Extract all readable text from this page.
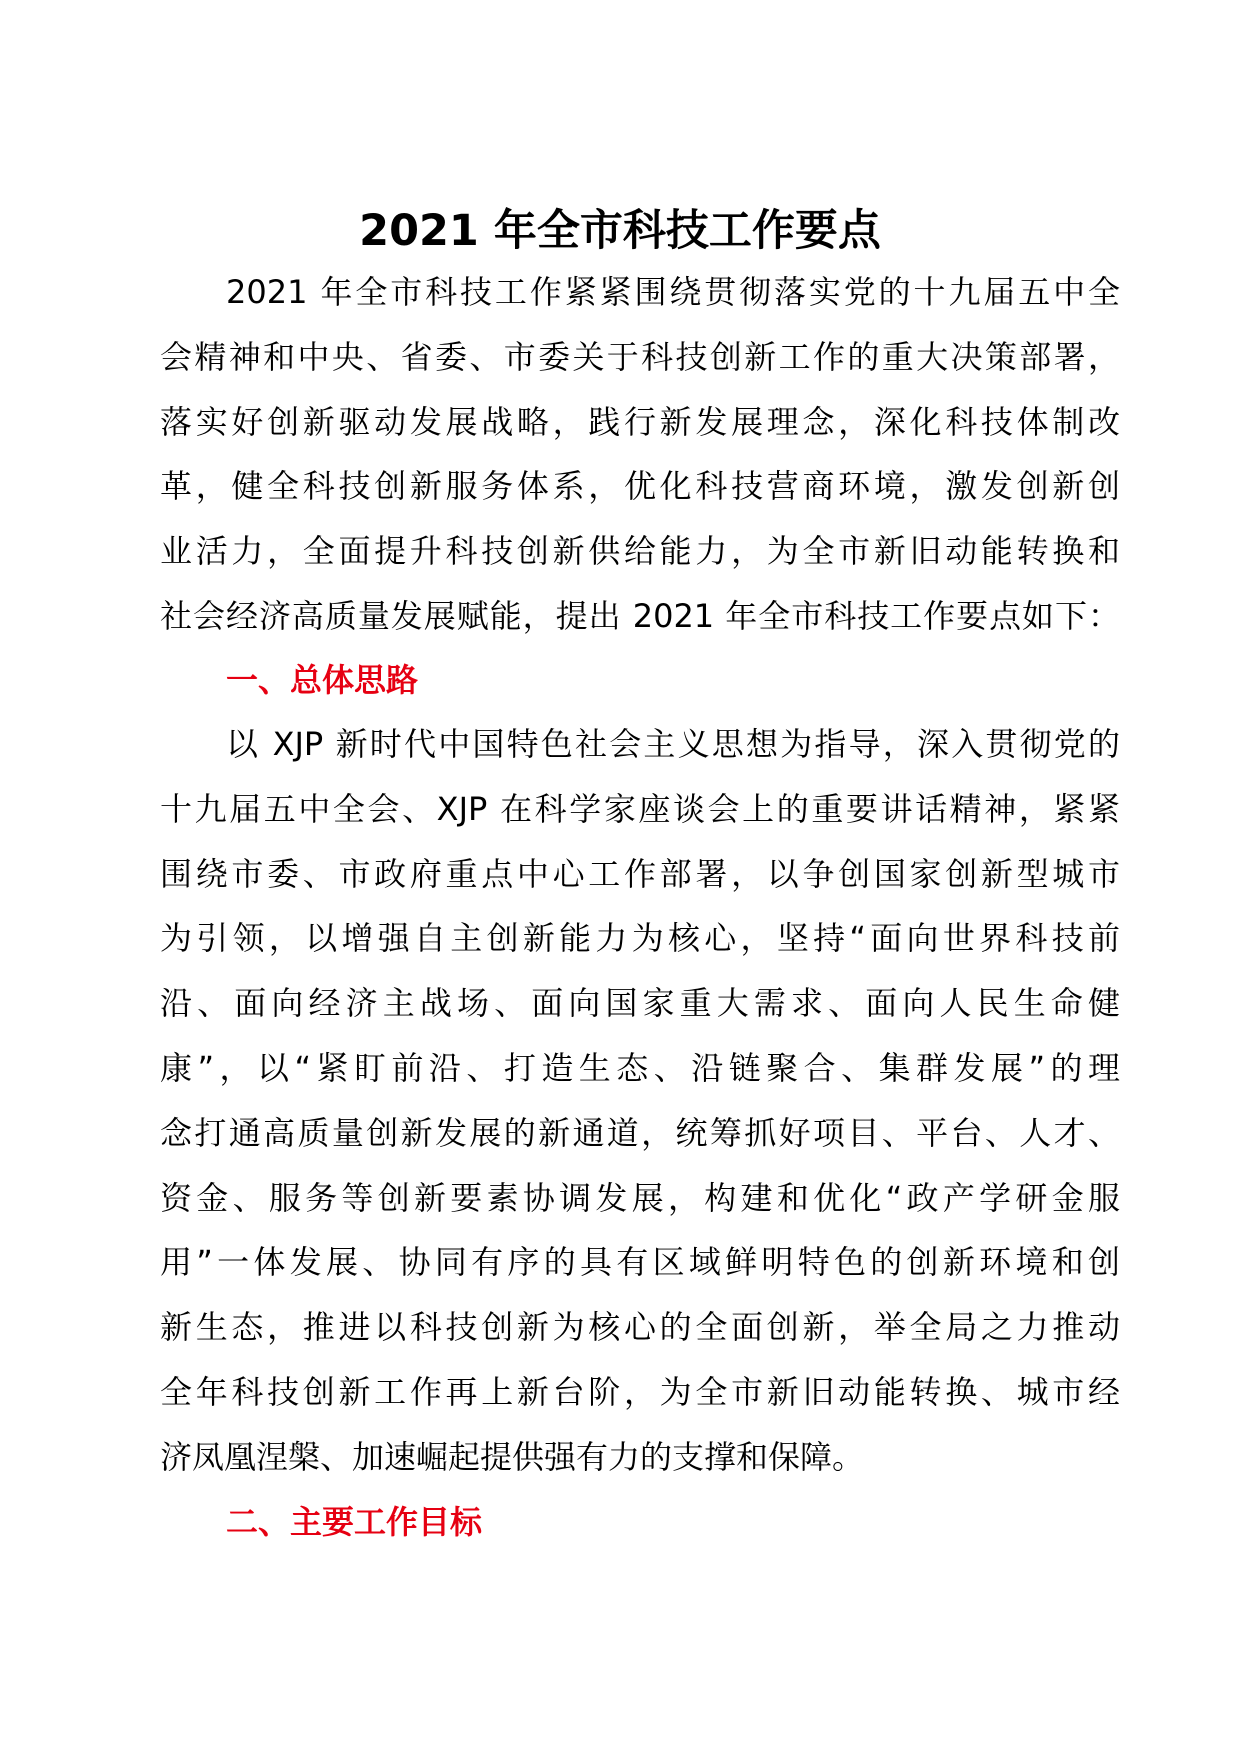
2021 年全市科技工作要点
2021 年全市科技工作紧紧围绕贯彻落实党的十九届五中全
会精神和中央、省委、市委关于科技创新工作的重大决策部署，
落实好创新驱动发展战略，践行新发展理念，深化科技体制改
革，健全科技创新服务体系，优化科技营商环境，激发创新创
业活力，全面提升科技创新供给能力，为全市新旧动能转换和
社会经济高质量发展赋能，提出 2021 年全市科技工作要点如下：
一、总体思路
以 XJP 新时代中国特色社会主义思想为指导，深入贯彻党的
十九届五中全会、XJP 在科学家座谈会上的重要讲话精神，紧紧
围绕市委、市政府重点中心工作部署，以争创国家创新型城市
为引领，以增强自主创新能力为核心，坚持“面向世界科技前
沿、面向经济主战场、面向国家重大需求、面向人民生命健
康”，以“紧盯前沿、打造生态、沿链聚合、集群发展”的理
念打通高质量创新发展的新通道，统筹抓好项目、平台、人才、
资金、服务等创新要素协调发展，构建和优化“政产学研金服
用”一体发展、协同有序的具有区域鲜明特色的创新环境和创
新生态，推进以科技创新为核心的全面创新，举全局之力推动
全年科技创新工作再上新台阶，为全市新旧动能转换、城市经
济凤凰涅槃、加速崛起提供强有力的支撑和保障。
二、主要工作目标
